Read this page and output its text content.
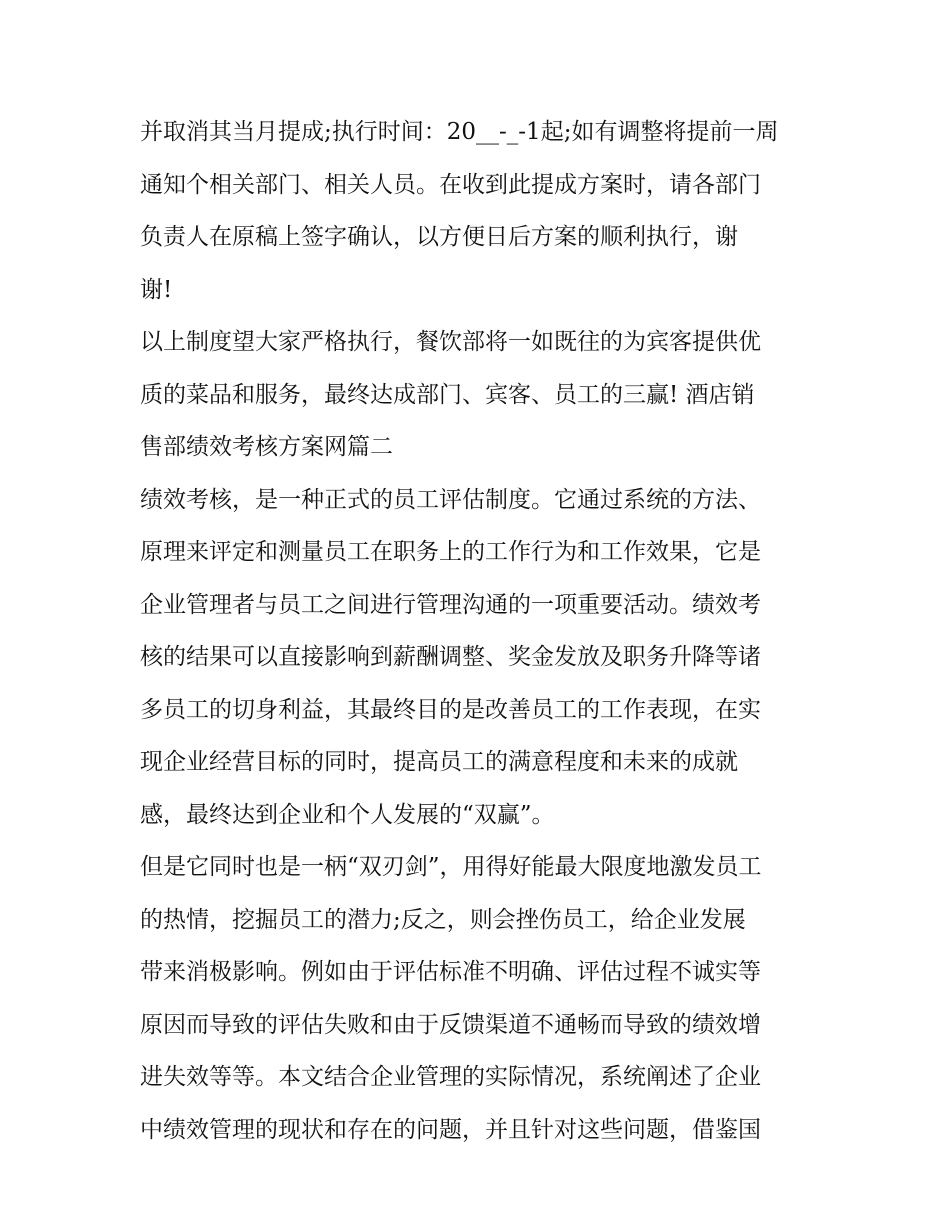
并取消其当月提成;执行时间：20__-_-1起;如有调整将提前一周
通知个相关部门、相关人员。在收到此提成方案时，请各部门
负责人在原稿上签字确认，以方便日后方案的顺利执行，谢
谢!
以上制度望大家严格执行，餐饮部将一如既往的为宾客提供优
质的菜品和服务，最终达成部门、宾客、员工的三赢! 酒店销
售部绩效考核方案网篇二
绩效考核，是一种正式的员工评估制度。它通过系统的方法、
原理来评定和测量员工在职务上的工作行为和工作效果，它是
企业管理者与员工之间进行管理沟通的一项重要活动。绩效考
核的结果可以直接影响到薪酬调整、奖金发放及职务升降等诸
多员工的切身利益，其最终目的是改善员工的工作表现，在实
现企业经营目标的同时，提高员工的满意程度和未来的成就
感，最终达到企业和个人发展的“双赢”。
但是它同时也是一柄“双刃剑”，用得好能最大限度地激发员工
的热情，挖掘员工的潜力;反之，则会挫伤员工，给企业发展
带来消极影响。例如由于评估标准不明确、评估过程不诚实等
原因而导致的评估失败和由于反馈渠道不通畅而导致的绩效增
进失效等等。本文结合企业管理的实际情况，系统阐述了企业
中绩效管理的现状和存在的问题，并且针对这些问题，借鉴国
